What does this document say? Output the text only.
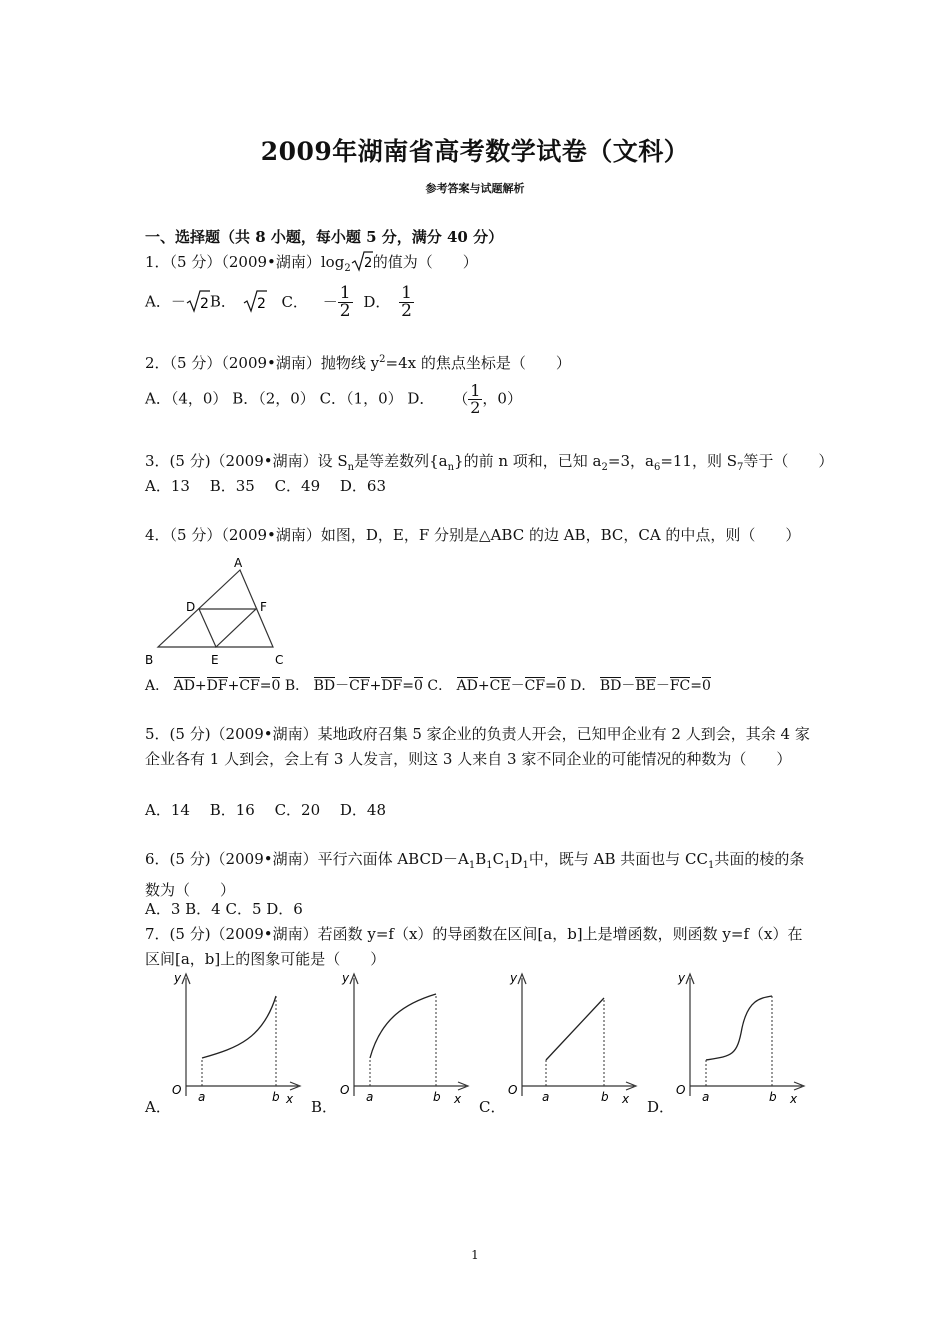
2009年湖南省高考数学试卷（文科）
参考答案与试题解析
一、选择题（共 8 小题，每小题 5 分，满分 40 分）
1．（5 分）（2009•湖南）$\log_2$ 2 的值为（　　）
A．－ 2 B． 2 C． － $\frac{1}{2}$ D． $\frac{1}{2}$
2．（5 分）（2009•湖南）抛物线 $y^2=4x$ 的焦点坐标是（　　）
A．（4，0） B．（2，0） C．（1，0） D． （ $\frac{1}{2}$ ，0）
3．(5 分)（2009•湖南）设 $S_n$是等差数列$\{a_n\}$的前 n 项和，已知 $a_2=3$，$a_6=11$，则 $S_7$等于（　　）
A．13　 B．35　 C．49　 D．63
4．（5 分）（2009•湖南）如图，D，E，F 分别是△ABC 的边 AB，BC，CA 的中点，则（　　）
A
B	C
D
E
F
A． AD+DF+CF=0 B． BD－CF+DF=0 C． AD+CE－CF=0 D． BD－BE－FC=0
5．(5 分)（2009•湖南）某地政府召集 5 家企业的负责人开会，已知甲企业有 2 人到会，其余 4 家企业各有 1 人到会，会上有 3 人发言，则这 3 人来自 3 家不同企业的可能情况的种数为（　　）
A．14　 B．16　 C．20　 D．48
6．(5 分)（2009•湖南）平行六面体 $ABCD-A_1B_1C_1D_1$中，既与 AB 共面也与 $CC_1$共面的棱的条数为（　　）
A．3 B．4 C．5 D．6
7．(5 分)（2009•湖南）若函数 y=f（x）的导函数在区间[a，b]上是增函数，则函数 y=f（x）在区间[a，b]上的图象可能是（　　）
A．
y
O a	b x B．
y
O a	b x C．
y
O a	b x D．
y
O a	b x
1
